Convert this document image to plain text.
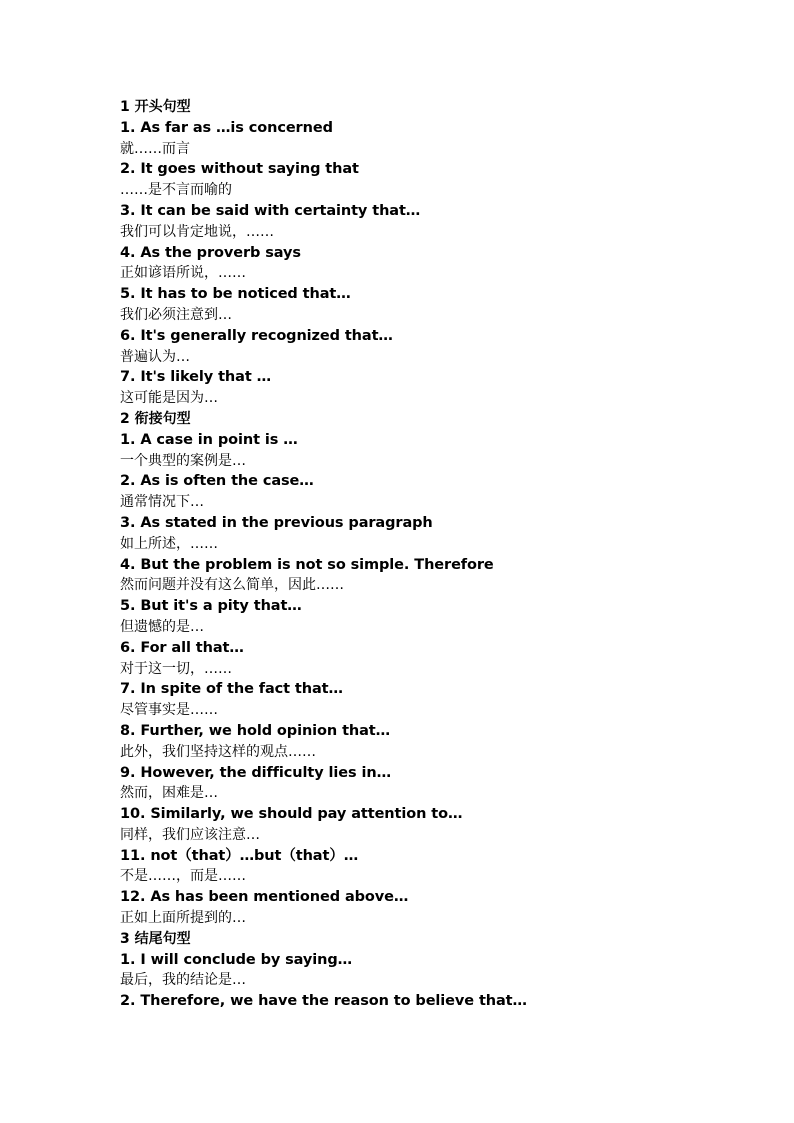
1 开头句型
1. As far as …is concerned
就……而言
2. It goes without saying that
……是不言而喻的
3. It can be said with certainty that…
我们可以肯定地说，……
4. As the proverb says
正如谚语所说，……
5. It has to be noticed that…
我们必须注意到…
6. It's generally recognized that…
普遍认为…
7. It's likely that …
这可能是因为…
2 衔接句型
1. A case in point is …
一个典型的案例是…
2. As is often the case…
通常情况下…
3. As stated in the previous paragraph
如上所述，……
4. But the problem is not so simple. Therefore
然而问题并没有这么简单，因此……
5. But it's a pity that…
但遗憾的是…
6. For all that…
对于这一切，……
7. In spite of the fact that…
尽管事实是……
8. Further, we hold opinion that…
此外，我们坚持这样的观点……
9. However, the difficulty lies in…
然而，困难是…
10. Similarly, we should pay attention to…
同样，我们应该注意…
11. not（that）…but（that）…
不是……，而是……
12. As has been mentioned above…
正如上面所提到的…
3 结尾句型
1. I will conclude by saying…
最后，我的结论是…
2. Therefore, we have the reason to believe that…
